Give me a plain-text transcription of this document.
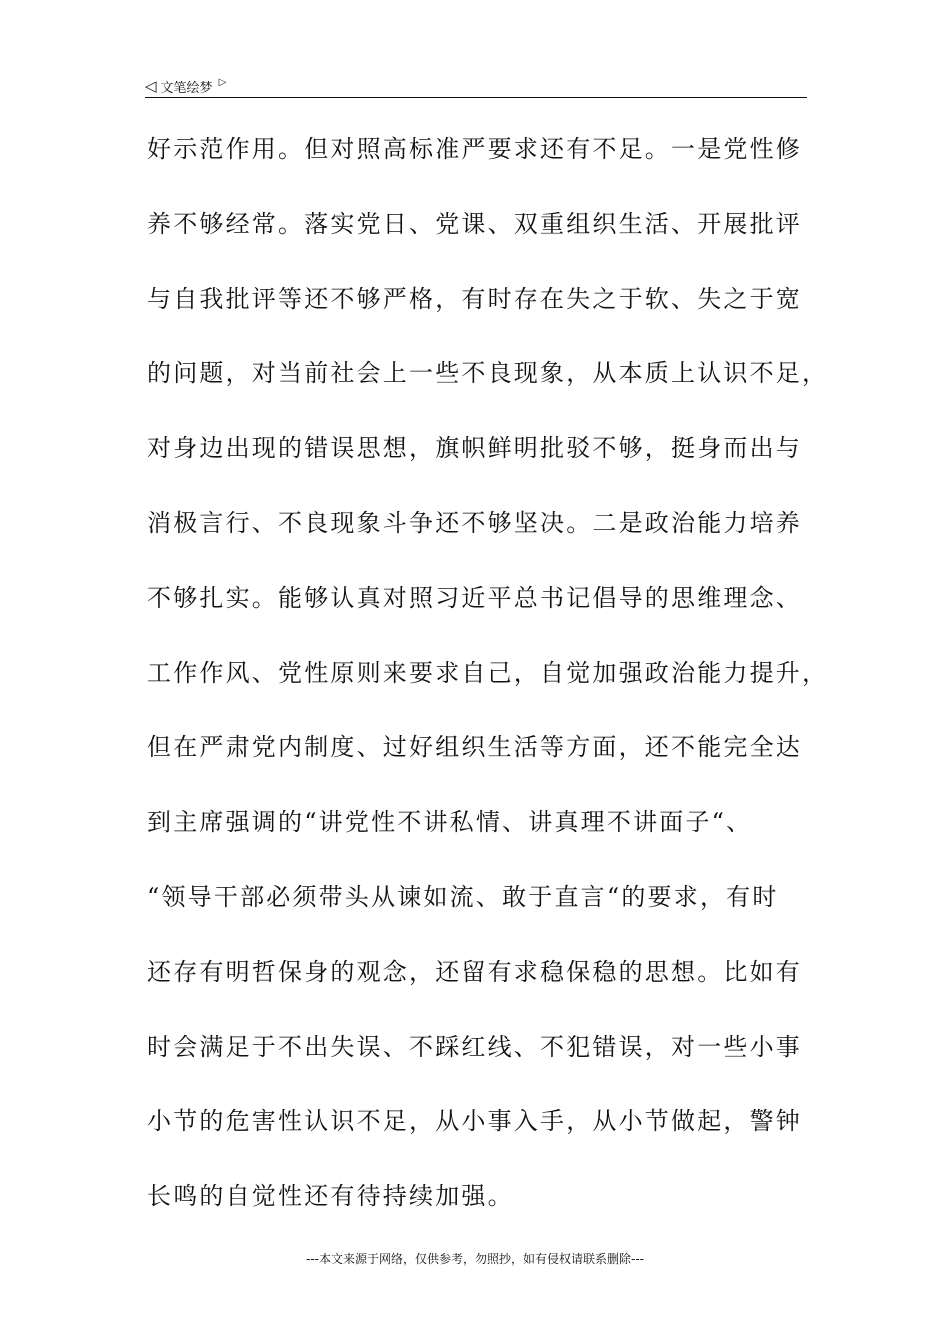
◁ 文笔绘梦 ▷
好示范作用。但对照高标准严要求还有不足。一是党性修
养不够经常。落实党日、党课、双重组织生活、开展批评
与自我批评等还不够严格，有时存在失之于软、失之于宽
的问题，对当前社会上一些不良现象，从本质上认识不足，
对身边出现的错误思想，旗帜鲜明批驳不够，挺身而出与
消极言行、不良现象斗争还不够坚决。二是政治能力培养
不够扎实。能够认真对照习近平总书记倡导的思维理念、
工作作风、党性原则来要求自己，自觉加强政治能力提升，
但在严肃党内制度、过好组织生活等方面，还不能完全达
到主席强调的“讲党性不讲私情、讲真理不讲面子“、
“领导干部必须带头从谏如流、敢于直言“的要求，有时
还存有明哲保身的观念，还留有求稳保稳的思想。比如有
时会满足于不出失误、不踩红线、不犯错误，对一些小事
小节的危害性认识不足，从小事入手，从小节做起，警钟
长鸣的自觉性还有待持续加强。
---本文来源于网络，仅供参考，勿照抄，如有侵权请联系删除---
